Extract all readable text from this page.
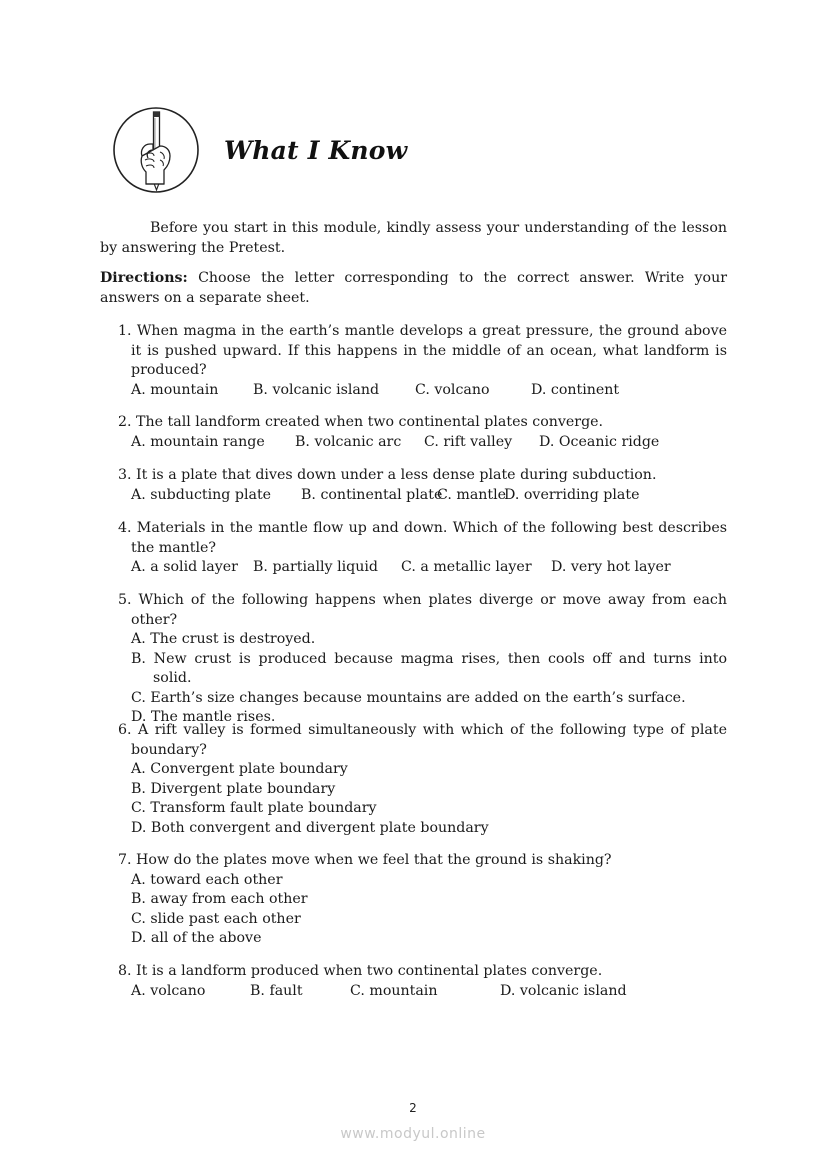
What I Know
Before you start in this module, kindly assess your understanding of the lesson by answering the Pretest.
Directions: Choose the letter corresponding to the correct answer. Write your answers on a separate sheet.
1. When magma in the earth’s mantle develops a great pressure, the ground above it is pushed upward. If this happens in the middle of an ocean, what landform is produced?
A. mountain B. volcanic island	C. volcano	D. continent
2. The tall landform created when two continental plates converge.
A. mountain range B. volcanic arc C. rift valley D. Oceanic ridge
3. It is a plate that dives down under a less dense plate during subduction.
A. subducting plate B. continental plateC. mantleD. overriding plate
4. Materials in the mantle flow up and down. Which of the following best describes the mantle?
A. a solid layer B. partially liquid C. a metallic layer D. very hot layer
5. Which of the following happens when plates diverge or move away from each other?
A. The crust is destroyed.
B. New crust is produced because magma rises, then cools off and turns into solid.
C. Earth’s size changes because mountains are added on the earth’s surface.
D. The mantle rises.
6. A rift valley is formed simultaneously with which of the following type of plate boundary?
A. Convergent plate boundary
B. Divergent plate boundary
C. Transform fault plate boundary
D. Both convergent and divergent plate boundary
7. How do the plates move when we feel that the ground is shaking?
A. toward each other
B. away from each other
C. slide past each other
D. all of the above
8. It is a landform produced when two continental plates converge.
A. volcano	B. fault	C. mountain	D. volcanic island
2
www.modyul.online
